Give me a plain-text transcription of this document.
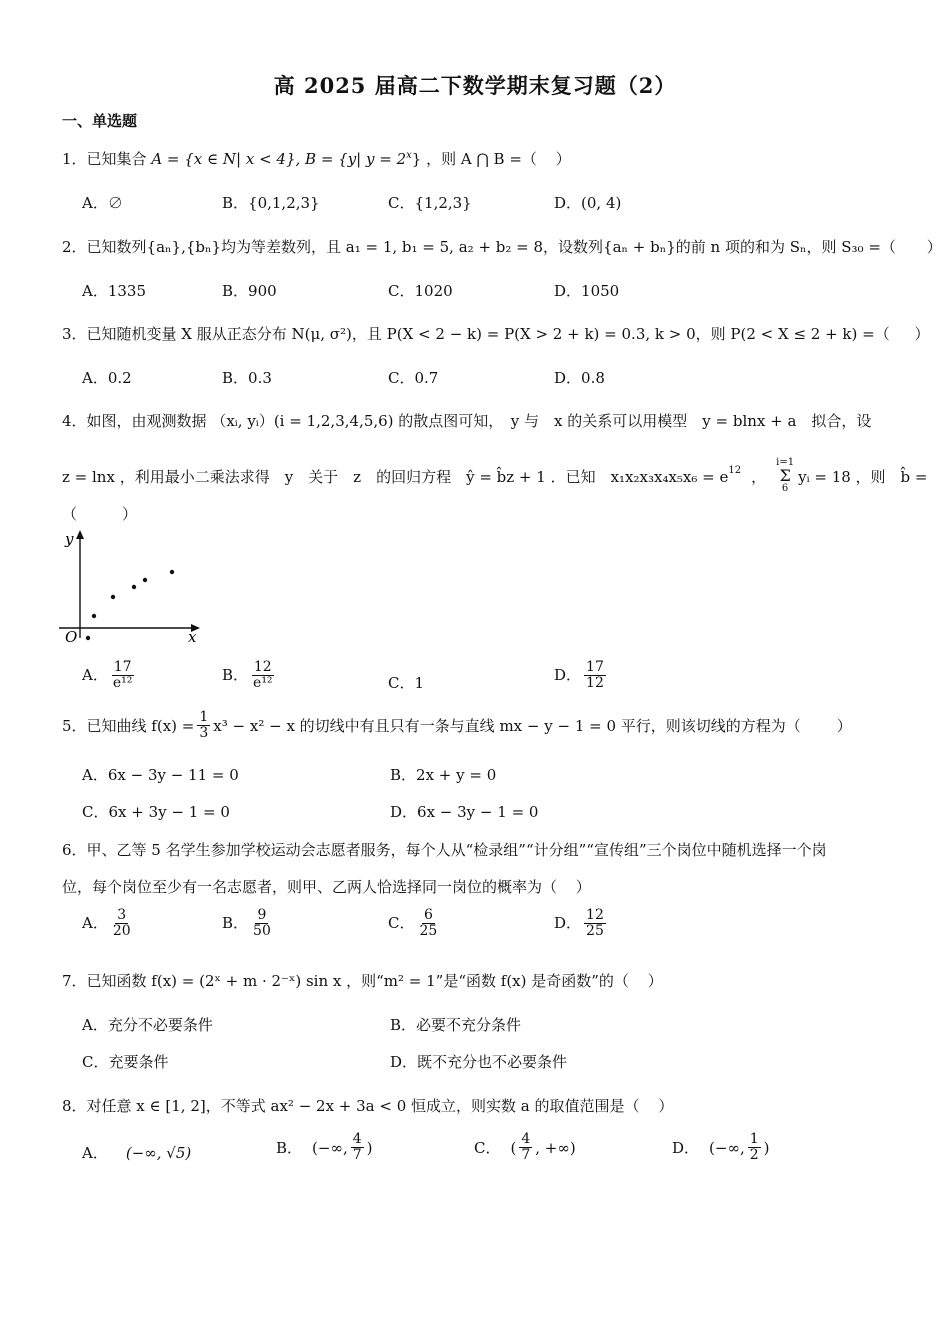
高 2025 届高二下数学期末复习题（2）
一、单选题
1．已知集合 A = {x ∈ N| x < 4}, B = {y| $y = 2^x$} ，则 A ⋂ B =（ ）
A．∅	B．{0,1,2,3}	C．{1,2,3}	D．(0, 4)
2．已知数列{aₙ},{bₙ}均为等差数列，且 a₁ = 1, b₁ = 5, a₂ + b₂ = 8，设数列{aₙ + bₙ}的前 n 项的和为 Sₙ，则 S₃₀ =（ ）
A．1335	B．900	C．1020	D．1050
3．已知随机变量 X 服从正态分布 N(μ, σ²)，且 P(X < 2 − k) = P(X > 2 + k) = 0.3, k > 0，则 P(2 < X ≤ 2 + k) =（ ）
A．0.2	B．0.3	C．0.7	D．0.8
4．如图，由观测数据 （xᵢ, yᵢ）(i = 1,2,3,4,5,6) 的散点图可知，　y 与　x 的关系可以用模型　y = blnx + a　拟合，设
z = lnx ，利用最小二乘法求得　y　关于　z　的回归方程　ŷ = b̂z + 1 ．已知　$x_1x_2x_3x_4x_5x_6 = e^{12}$ ，
i=1
Σ
6
yᵢ = 18 ，则　b̂ =
（　　　）
y
x
O
A． $\frac{17}{\text{e¹²}}$	B． $\frac{12}{\text{e¹²}}$	C．1	D． $\frac{17}{12}$
5．已知曲线 $f(x) = \frac{1}{3} x^3 - x^2 - x$ 的切线中有且只有一条与直线 mx − y − 1 = 0 平行，则该切线的方程为（ ）
A．6x − 3y − 11 = 0	B．2x + y = 0
C．6x + 3y − 1 = 0	D．6x − 3y − 1 = 0
6．甲、乙等 5 名学生参加学校运动会志愿者服务，每个人从“检录组”“计分组”“宣传组”三个岗位中随机选择一个岗
位，每个岗位至少有一名志愿者，则甲、乙两人恰选择同一岗位的概率为（ ）
A． $\frac{3}{20}$	B． $\frac{9}{50}$	C． $\frac{6}{25}$	D． $\frac{12}{25}$
7．已知函数 f(x) = (2ˣ + m · 2⁻ˣ) sin x ，则“m² = 1”是“函数 f(x) 是奇函数”的（ ）
A．充分不必要条件	B．必要不充分条件
C．充要条件	D．既不充分也不必要条件
8．对任意 x ∈ [1, 2]，不等式 ax² − 2x + 3a < 0 恒成立，则实数 a 的取值范围是（ ）
A． (−∞, √5)	B． (−∞, $\frac{4}{7}$ )	C． ( $\frac{4}{7}$ , +∞)	D． (−∞, $\frac{1}{2}$ )
